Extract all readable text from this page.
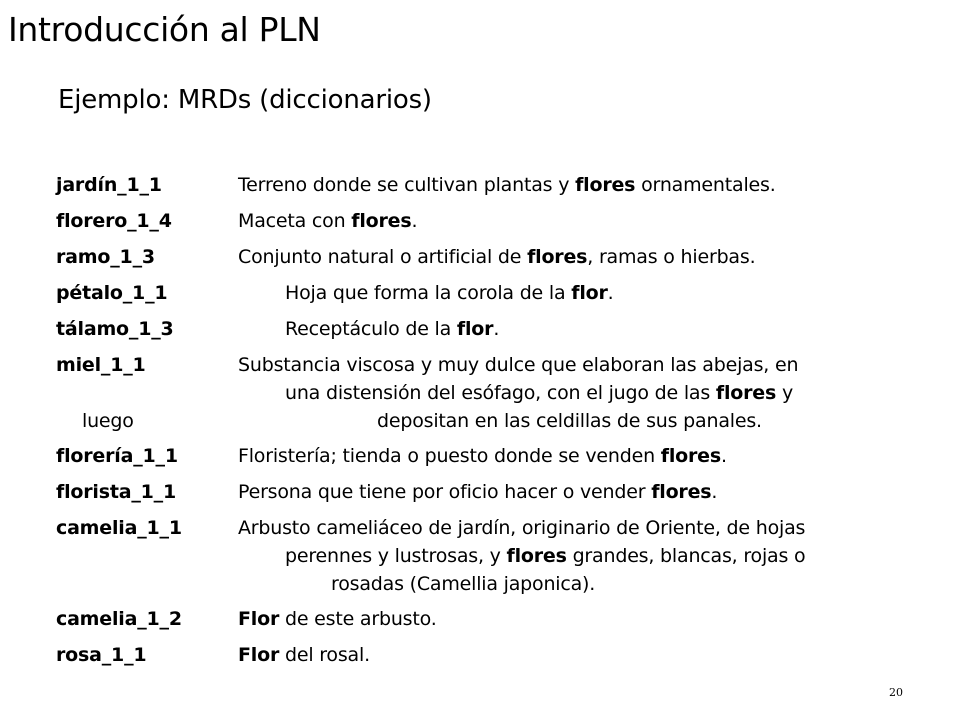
Introducción al PLN
Ejemplo: MRDs (diccionarios)
jardín_1_1	Terreno donde se cultivan plantas y flores ornamentales.
florero_1_4	Maceta con flores.
ramo_1_3	Conjunto natural o artificial de flores, ramas o hierbas.
pétalo_1_1	Hoja que forma la corola de la flor.
tálamo_1_3	Receptáculo de la flor.
miel_1_1	Substancia viscosa y muy dulce que elaboran las abejas, en
una distensión del esófago, con el jugo de las flores y
luego	depositan en las celdillas de sus panales.
florería_1_1	Floristería; tienda o puesto donde se venden flores.
florista_1_1	Persona que tiene por oficio hacer o vender flores.
camelia_1_1	Arbusto cameliáceo de jardín, originario de Oriente, de hojas
perennes y lustrosas, y flores grandes, blancas, rojas o
rosadas (Camellia japonica).
camelia_1_2	Flor de este arbusto.
rosa_1_1	Flor del rosal.
20
